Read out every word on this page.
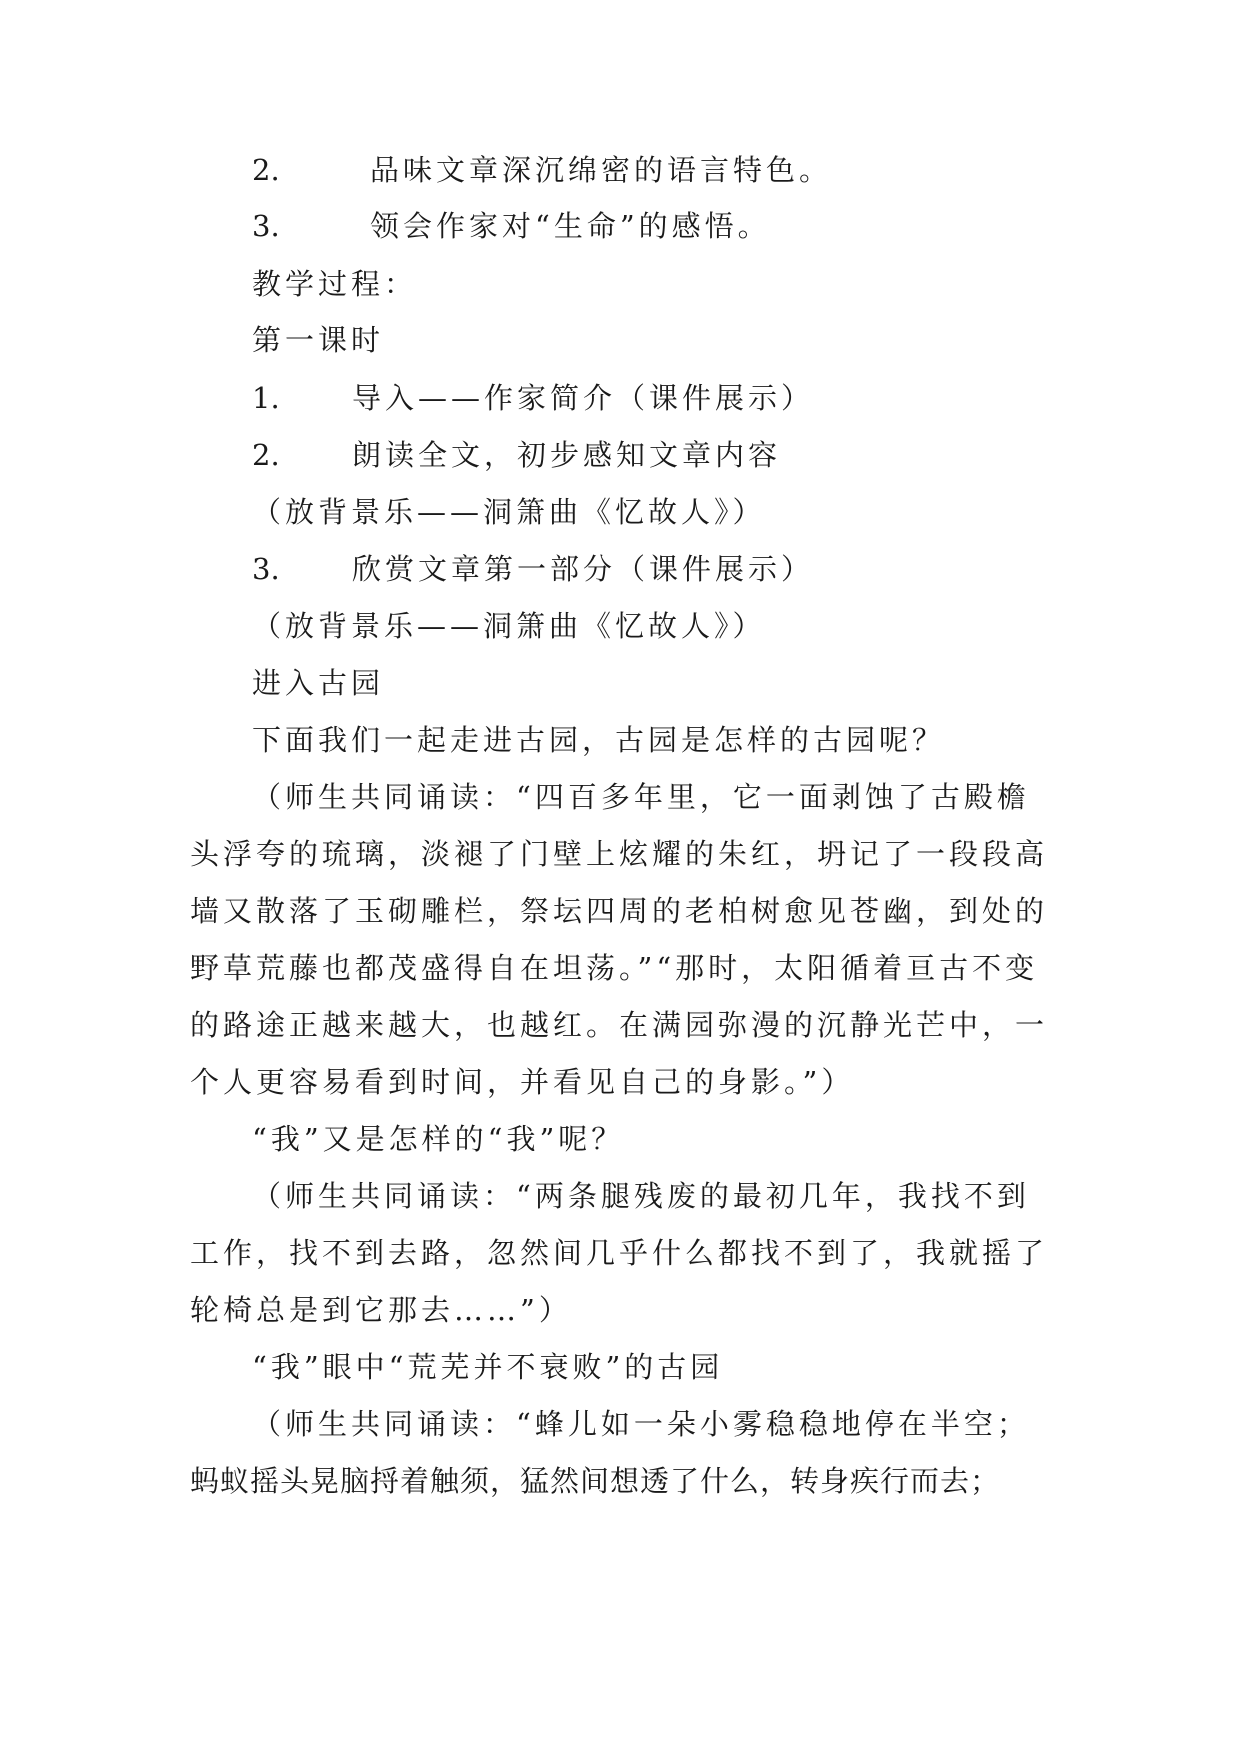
2.	品味文章深沉绵密的语言特色。
3.	领会作家对“生命”的感悟。
教学过程：
第一课时
1. 导入——作家简介（课件展示）
2. 朗读全文，初步感知文章内容
（放背景乐——洞箫曲《忆故人》）
3. 欣赏文章第一部分（课件展示）
（放背景乐——洞箫曲《忆故人》）
进入古园
下面我们一起走进古园，古园是怎样的古园呢？
（师生共同诵读：“四百多年里，它一面剥蚀了古殿檐
头浮夸的琉璃，淡褪了门壁上炫耀的朱红，坍记了一段段高
墙又散落了玉砌雕栏，祭坛四周的老柏树愈见苍幽，到处的
野草荒藤也都茂盛得自在坦荡。”“那时，太阳循着亘古不变
的路途正越来越大，也越红。在满园弥漫的沉静光芒中，一
个人更容易看到时间，并看见自己的身影。”）
“我”又是怎样的“我”呢？
（师生共同诵读：“两条腿残废的最初几年，我找不到
工作，找不到去路，忽然间几乎什么都找不到了，我就摇了
轮椅总是到它那去……”）
“我”眼中“荒芜并不衰败”的古园
（师生共同诵读：“蜂儿如一朵小雾稳稳地停在半空；
蚂蚁摇头晃脑捋着触须，猛然间想透了什么，转身疾行而去；
